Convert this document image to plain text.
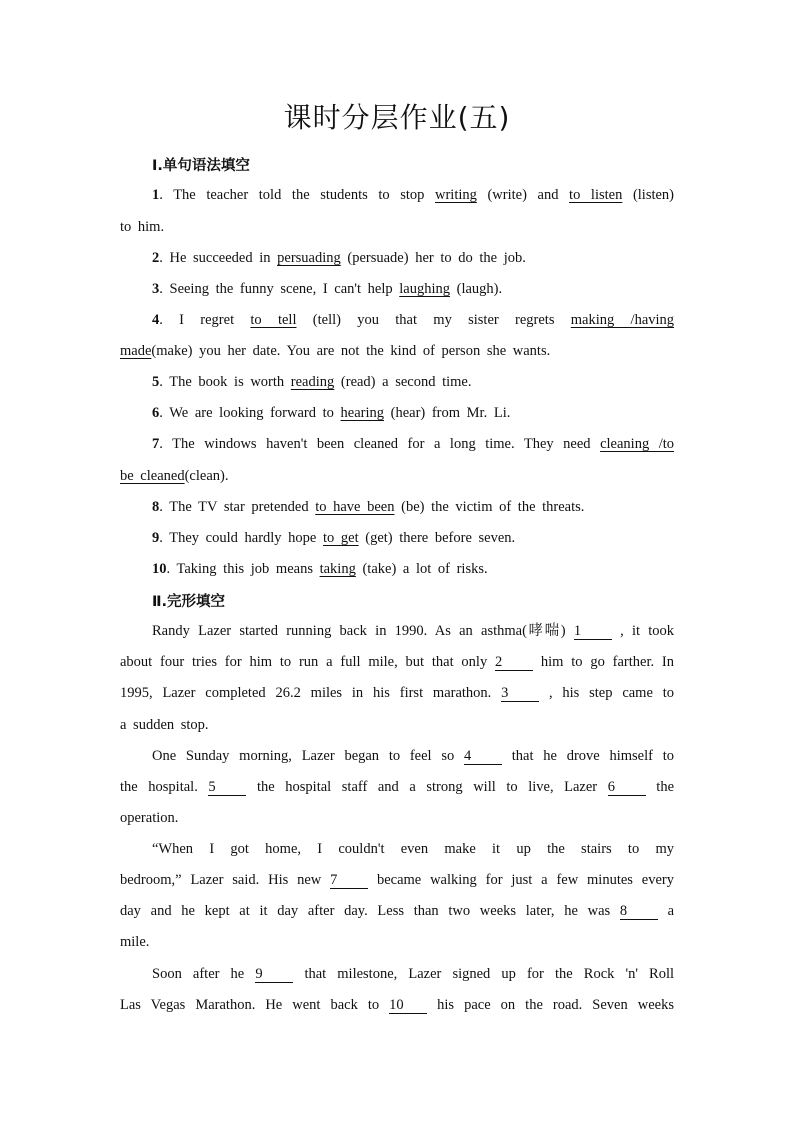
课时分层作业(五)
Ⅰ.单句语法填空
1. The teacher told the students to stop writing (write) and to listen (listen)
to him.
2. He succeeded in persuading (persuade) her to do the job.
3. Seeing the funny scene, I can't help laughing (laugh).
4. I regret to tell (tell) you that my sister regrets making /having
made(make) you her date. You are not the kind of person she wants.
5. The book is worth reading (read) a second time.
6. We are looking forward to hearing (hear) from Mr. Li.
7. The windows haven't been cleaned for a long time. They need cleaning /to
be cleaned(clean).
8. The TV star pretended to have been (be) the victim of the threats.
9. They could hardly hope to get (get) there before seven.
10. Taking this job means taking (take) a lot of risks.
Ⅱ.完形填空
Randy Lazer started running back in 1990. As an asthma(哮喘) 1	, it took
about four tries for him to run a full mile, but that only 2	him to go farther. In
1995, Lazer completed 26.2 miles in his first marathon. 3	, his step came to
a sudden stop.
One Sunday morning, Lazer began to feel so 4	that he drove himself to
the hospital. 5	the hospital staff and a strong will to live, Lazer 6	the
operation.
“When I got home, I couldn't even make it up the stairs to my
bedroom,” Lazer said. His new 7	became walking for just a few minutes every
day and he kept at it day after day. Less than two weeks later, he was 8	a
mile.
Soon after he 9	that milestone, Lazer signed up for the Rock 'n' Roll
Las Vegas Marathon. He went back to 10 his pace on the road. Seven weeks
